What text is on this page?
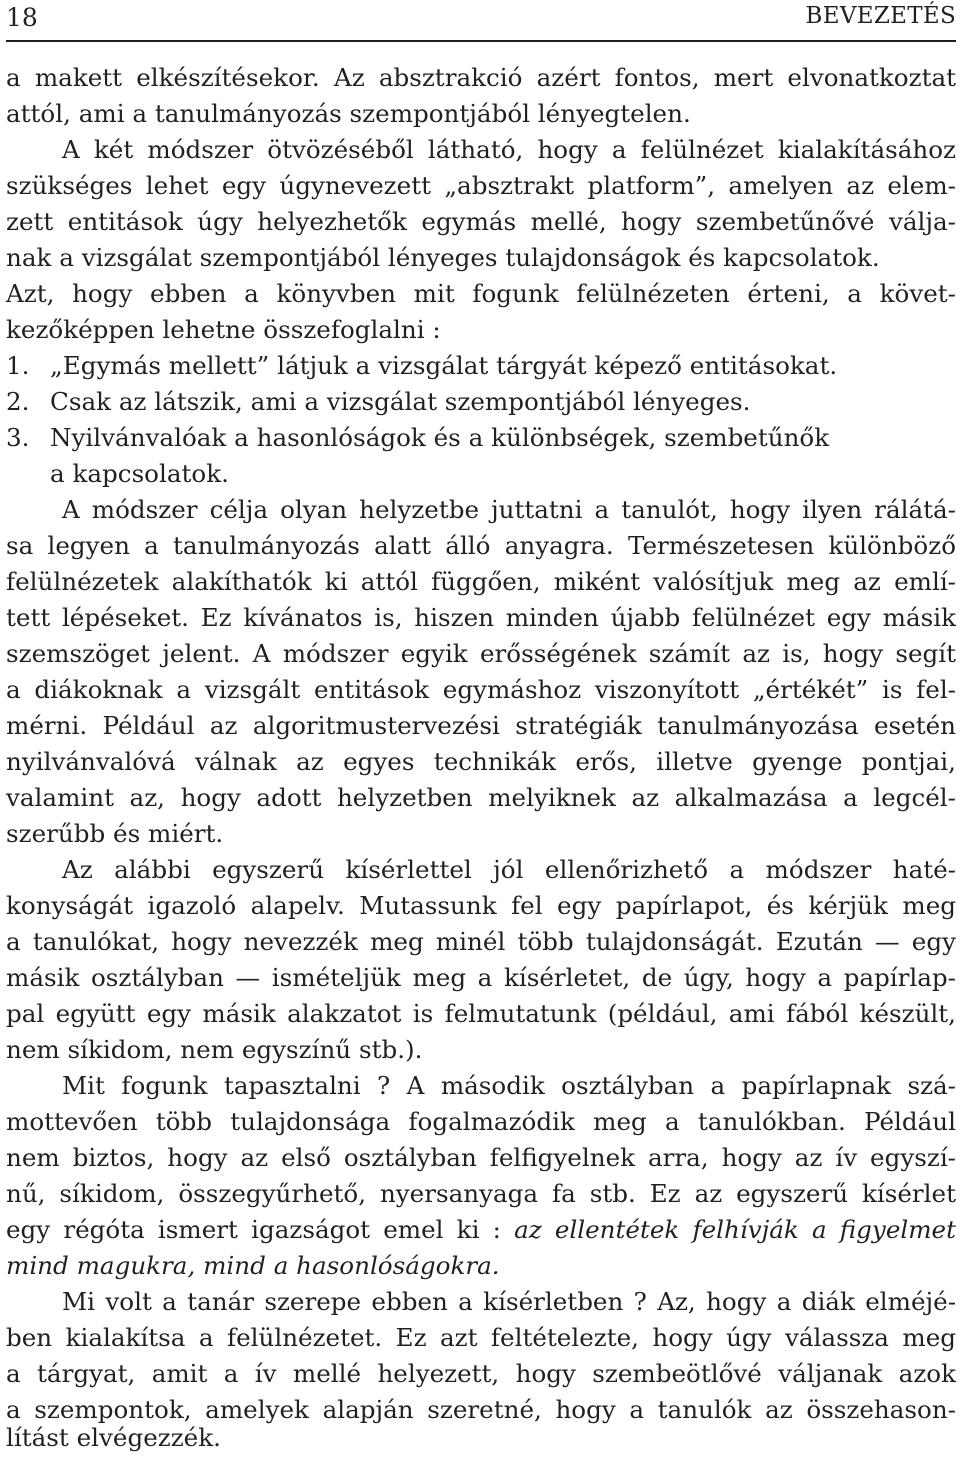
18	BEVEZETÉS
a makett elkészítésekor. Az absztrakció azért fontos, mert elvonatkoztat
attól, ami a tanulmányozás szempontjából lényegtelen.
A két módszer ötvözéséből látható, hogy a felülnézet kialakításához
szükséges lehet egy úgynevezett „absztrakt platform”, amelyen az elem-
zett entitások úgy helyezhetők egymás mellé, hogy szembetűnővé válja-
nak a vizsgálat szempontjából lényeges tulajdonságok és kapcsolatok.
Azt, hogy ebben a könyvben mit fogunk felülnézeten érteni, a követ-
kezőképpen lehetne összefoglalni :
1. „Egymás mellett” látjuk a vizsgálat tárgyát képező entitásokat.
2. Csak az látszik, ami a vizsgálat szempontjából lényeges.
3. Nyilvánvalóak a hasonlóságok és a különbségek, szembetűnők
a kapcsolatok.
A módszer célja olyan helyzetbe juttatni a tanulót, hogy ilyen rálátá-
sa legyen a tanulmányozás alatt álló anyagra. Természetesen különböző
felülnézetek alakíthatók ki attól függően, miként valósítjuk meg az emlí-
tett lépéseket. Ez kívánatos is, hiszen minden újabb felülnézet egy másik
szemszöget jelent. A módszer egyik erősségének számít az is, hogy segít
a diákoknak a vizsgált entitások egymáshoz viszonyított „értékét” is fel-
mérni. Például az algoritmustervezési stratégiák tanulmányozása esetén
nyilvánvalóvá válnak az egyes technikák erős, illetve gyenge pontjai,
valamint az, hogy adott helyzetben melyiknek az alkalmazása a legcél-
szerűbb és miért.
Az alábbi egyszerű kísérlettel jól ellenőrizhető a módszer haté-
konyságát igazoló alapelv. Mutassunk fel egy papírlapot, és kérjük meg
a tanulókat, hogy nevezzék meg minél több tulajdonságát. Ezután — egy
másik osztályban — ismételjük meg a kísérletet, de úgy, hogy a papírlap-
pal együtt egy másik alakzatot is felmutatunk (például, ami fából készült,
nem síkidom, nem egyszínű stb.).
Mit fogunk tapasztalni ? A második osztályban a papírlapnak szá-
mottevően több tulajdonsága fogalmazódik meg a tanulókban. Például
nem biztos, hogy az első osztályban felfigyelnek arra, hogy az ív egyszí-
nű, síkidom, összegyűrhető, nyersanyaga fa stb. Ez az egyszerű kísérlet
egy régóta ismert igazságot emel ki : az ellentétek felhívják a figyelmet
mind magukra, mind a hasonlóságokra.
Mi volt a tanár szerepe ebben a kísérletben ? Az, hogy a diák elméjé-
ben kialakítsa a felülnézetet. Ez azt feltételezte, hogy úgy válassza meg
a tárgyat, amit a ív mellé helyezett, hogy szembeötlővé váljanak azok
a szempontok, amelyek alapján szeretné, hogy a tanulók az összehason-
lítást elvégezzék.
